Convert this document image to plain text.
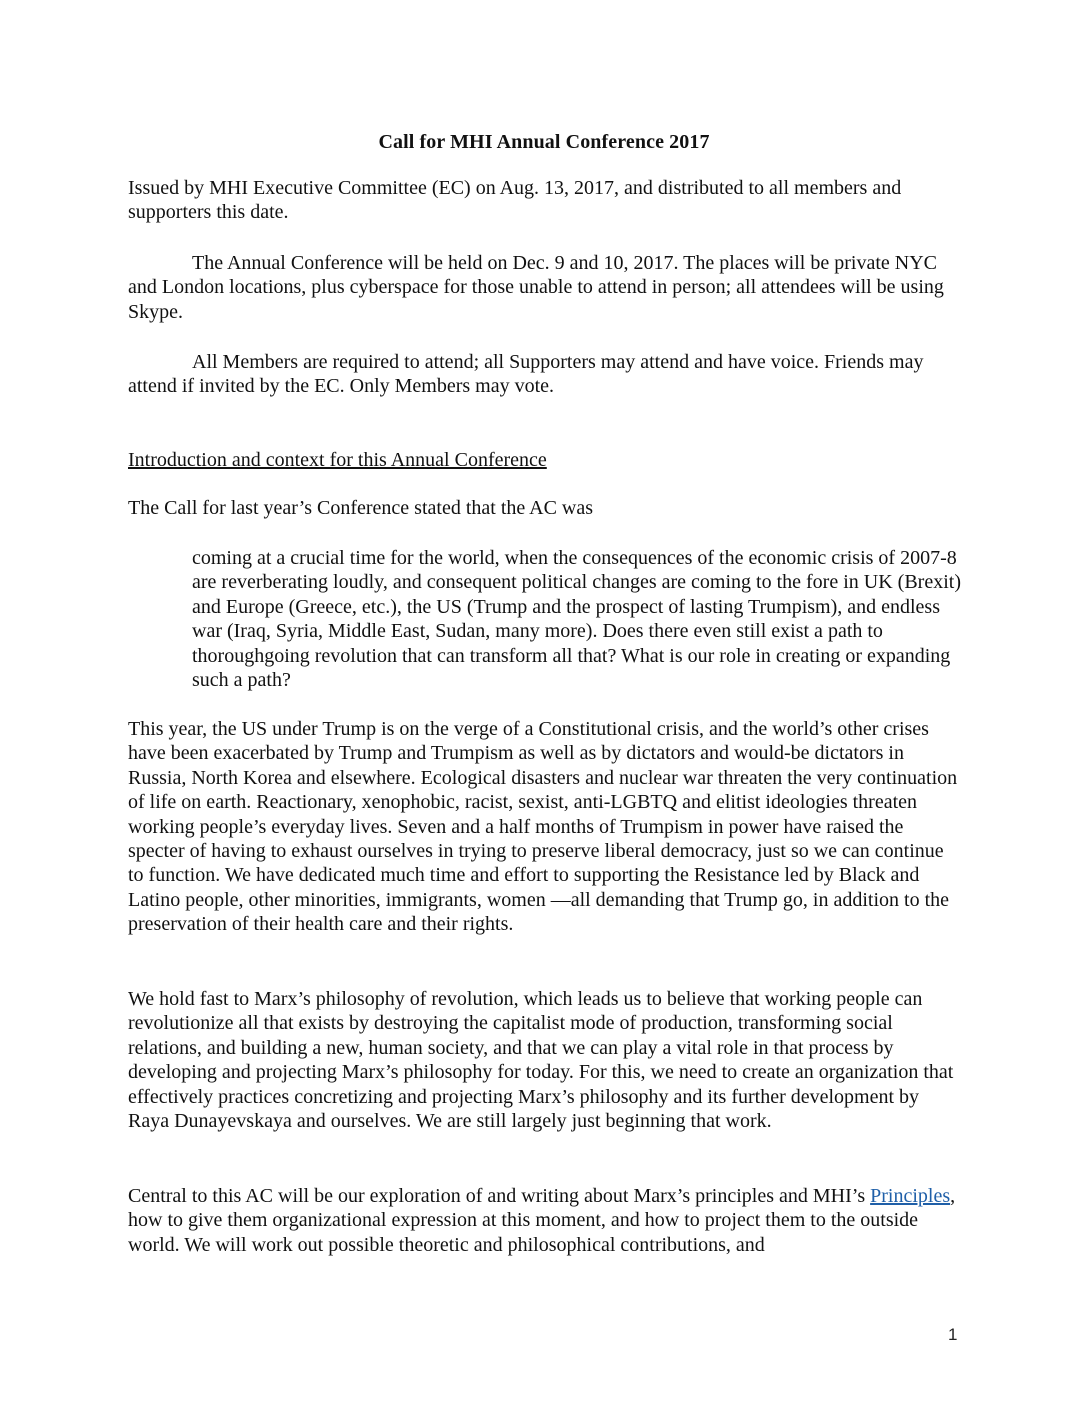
Call for MHI Annual Conference 2017

Issued by MHI Executive Committee (EC) on Aug. 13, 2017, and distributed to all members and supporters this date.

The Annual Conference will be held on Dec. 9 and 10, 2017. The places will be private NYC and London locations, plus cyberspace for those unable to attend in person; all attendees will be using Skype.

All Members are required to attend; all Supporters may attend and have voice. Friends may attend if invited by the EC. Only Members may vote.

Introduction and context for this Annual Conference

The Call for last year’s Conference stated that the AC was

coming at a crucial time for the world, when the consequences of the economic crisis of 2007-8 are reverberating loudly, and consequent political changes are coming to the fore in UK (Brexit) and Europe (Greece, etc.), the US (Trump and the prospect of lasting Trumpism), and endless war (Iraq, Syria, Middle East, Sudan, many more). Does there even still exist a path to thoroughgoing revolution that can transform all that? What is our role in creating or expanding such a path?

This year, the US under Trump is on the verge of a Constitutional crisis, and the world’s other crises have been exacerbated by Trump and Trumpism as well as by dictators and would-be dictators in Russia, North Korea and elsewhere. Ecological disasters and nuclear war threaten the very continuation of life on earth. Reactionary, xenophobic, racist, sexist, anti-LGBTQ and elitist ideologies threaten working people’s everyday lives. Seven and a half months of Trumpism in power have raised the specter of having to exhaust ourselves in trying to preserve liberal democracy, just so we can continue to function. We have dedicated much time and effort to supporting the Resistance led by Black and Latino people, other minorities, immigrants, women —all demanding that Trump go, in addition to the preservation of their health care and their rights.

We hold fast to Marx’s philosophy of revolution, which leads us to believe that working people can revolutionize all that exists by destroying the capitalist mode of production, transforming social relations, and building a new, human society, and that we can play a vital role in that process by developing and projecting Marx’s philosophy for today. For this, we need to create an organization that effectively practices concretizing and projecting Marx’s philosophy and its further development by Raya Dunayevskaya and ourselves. We are still largely just beginning that work.

Central to this AC will be our exploration of and writing about Marx’s principles and MHI’s Principles, how to give them organizational expression at this moment, and how to project them to the outside world. We will work out possible theoretic and philosophical contributions, and

1
